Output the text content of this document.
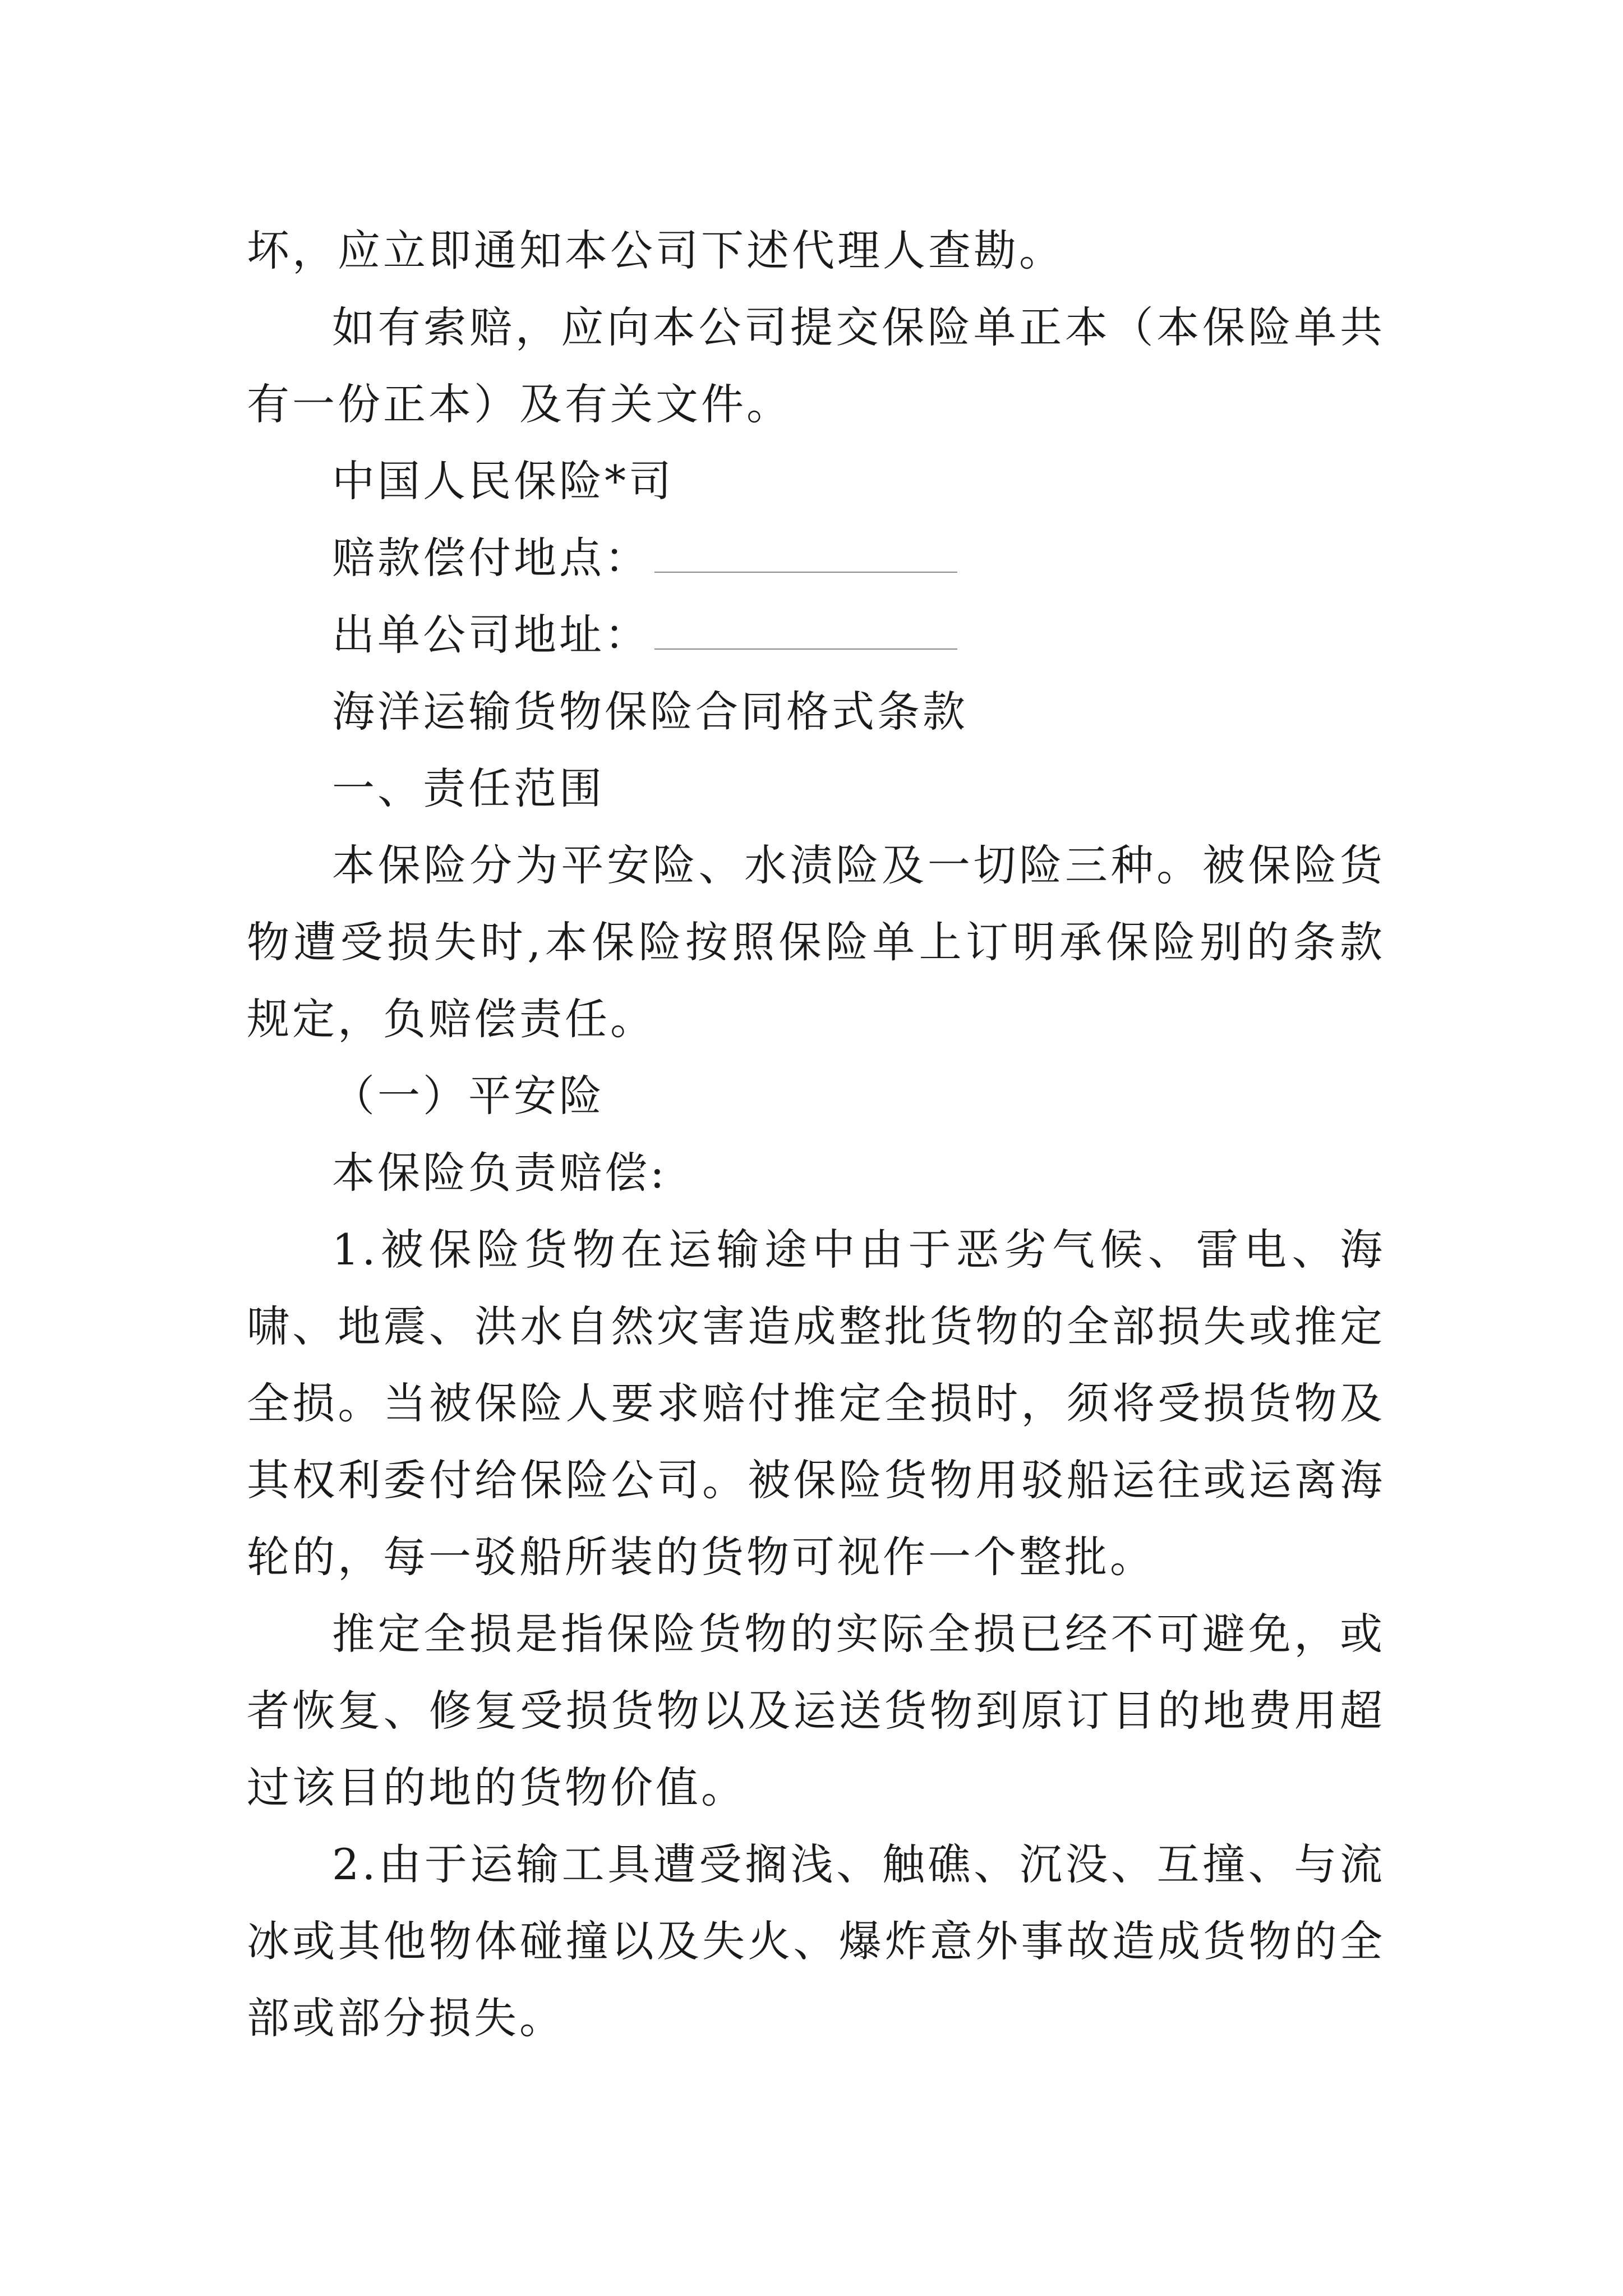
坏，应立即通知本公司下述代理人查勘。

如有索赔，应向本公司提交保险单正本（本保险单共有一份正本）及有关文件。

中国人民保险*司

赔款偿付地点：

出单公司地址：

海洋运输货物保险合同格式条款

一、责任范围

本保险分为平安险、水渍险及一切险三种。被保险货物遭受损失时,本保险按照保险单上订明承保险别的条款规定，负赔偿责任。

（一）平安险

本保险负责赔偿:

1.被保险货物在运输途中由于恶劣气候、雷电、海啸、地震、洪水自然灾害造成整批货物的全部损失或推定全损。当被保险人要求赔付推定全损时，须将受损货物及其权利委付给保险公司。被保险货物用驳船运往或运离海轮的，每一驳船所装的货物可视作一个整批。

推定全损是指保险货物的实际全损已经不可避免，或者恢复、修复受损货物以及运送货物到原订目的地费用超过该目的地的货物价值。

2.由于运输工具遭受搁浅、触礁、沉没、互撞、与流冰或其他物体碰撞以及失火、爆炸意外事故造成货物的全部或部分损失。
